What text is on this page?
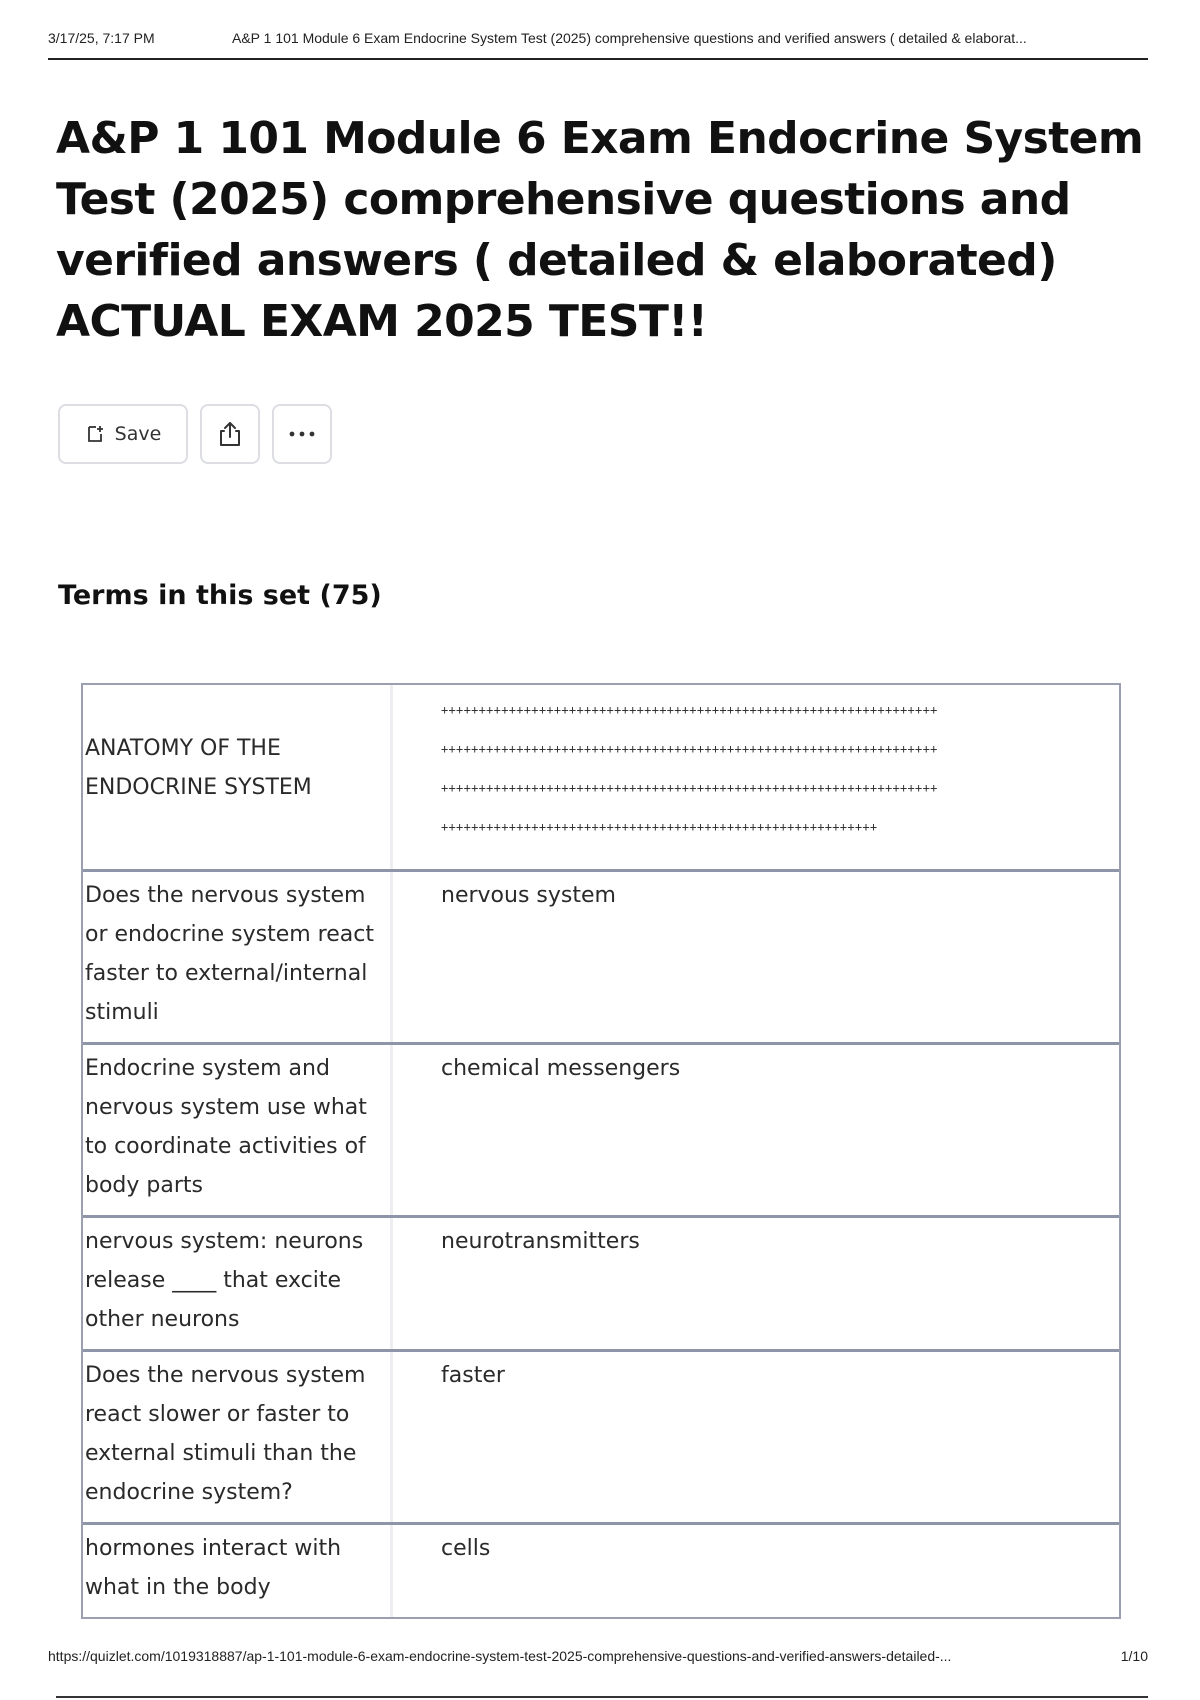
3/17/25, 7:17 PM	A&P 1 101 Module 6 Exam Endocrine System Test (2025) comprehensive questions and verified answers ( detailed & elaborat...
A&P 1 101 Module 6 Exam Endocrine System Test (2025) comprehensive questions and verified answers ( detailed & elaborated) ACTUAL EXAM 2025 TEST!!
Save
Terms in this set (75)
ANATOMY OF THE ENDOCRINE SYSTEM
++++++++++++++++++++++++++++++++++++++++++++++++++++++++++++++++++
++++++++++++++++++++++++++++++++++++++++++++++++++++++++++++++++++
++++++++++++++++++++++++++++++++++++++++++++++++++++++++++++++++++
++++++++++++++++++++++++++++++++++++++++++++++++++++++++++
Does the nervous system or endocrine system react faster to external/internal stimuli
nervous system
Endocrine system and nervous system use what to coordinate activities of body parts
chemical messengers
nervous system: neurons release ____ that excite other neurons
neurotransmitters
Does the nervous system react slower or faster to external stimuli than the endocrine system?
faster
hormones interact with what in the body
cells
https://quizlet.com/1019318887/ap-1-101-module-6-exam-endocrine-system-test-2025-comprehensive-questions-and-verified-answers-detailed-...	1/10
